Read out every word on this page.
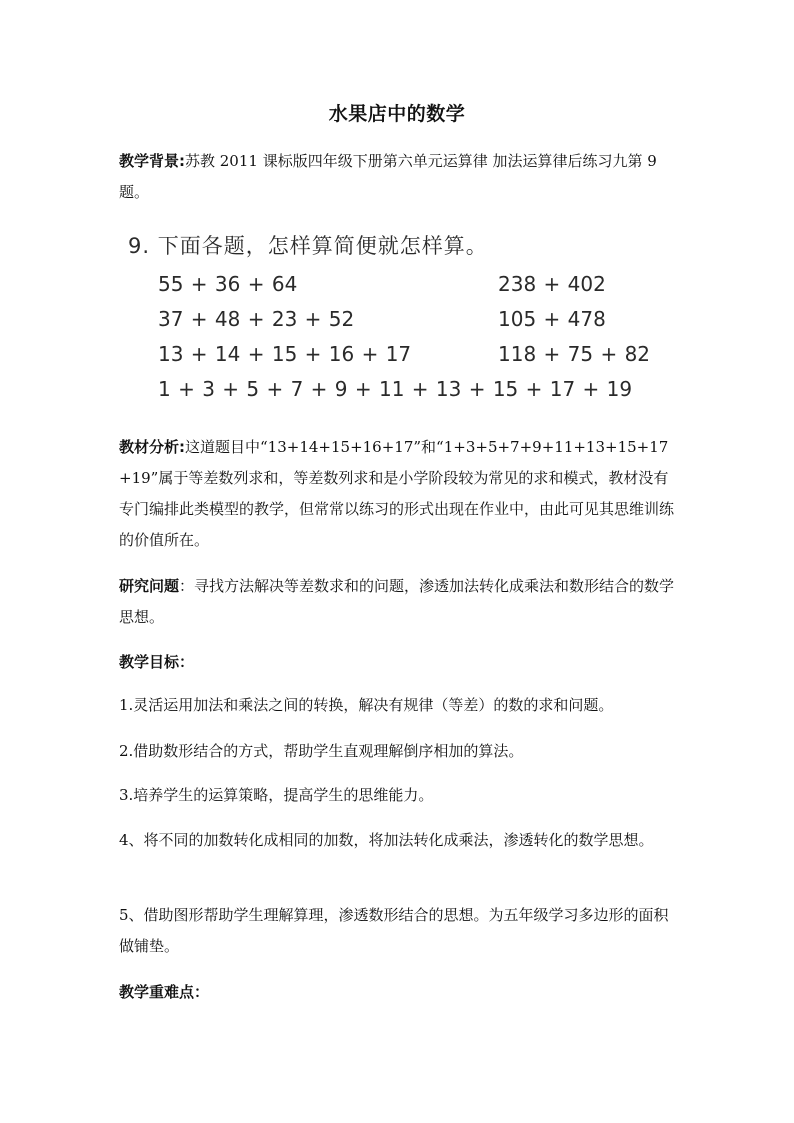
水果店中的数学
教学背景:苏教 2011 课标版四年级下册第六单元运算律 加法运算律后练习九第 9 题。
9. 下面各题，怎样算简便就怎样算。
55 + 36 + 64
37 + 48 + 23 + 52
13 + 14 + 15 + 16 + 17
238 + 402
105 + 478
118 + 75 + 82
1 + 3 + 5 + 7 + 9 + 11 + 13 + 15 + 17 + 19
教材分析:这道题目中“13+14+15+16+17”和“1+3+5+7+9+11+13+15+17+19”属于等差数列求和，等差数列求和是小学阶段较为常见的求和模式，教材没有专门编排此类模型的教学，但常常以练习的形式出现在作业中，由此可见其思维训练的价值所在。
研究问题：寻找方法解决等差数求和的问题，渗透加法转化成乘法和数形结合的数学思想。
教学目标：
1.灵活运用加法和乘法之间的转换，解决有规律（等差）的数的求和问题。
2.借助数形结合的方式，帮助学生直观理解倒序相加的算法。
3.培养学生的运算策略，提高学生的思维能力。
4、将不同的加数转化成相同的加数，将加法转化成乘法，渗透转化的数学思想。
5、借助图形帮助学生理解算理，渗透数形结合的思想。为五年级学习多边形的面积做铺垫。
教学重难点：
